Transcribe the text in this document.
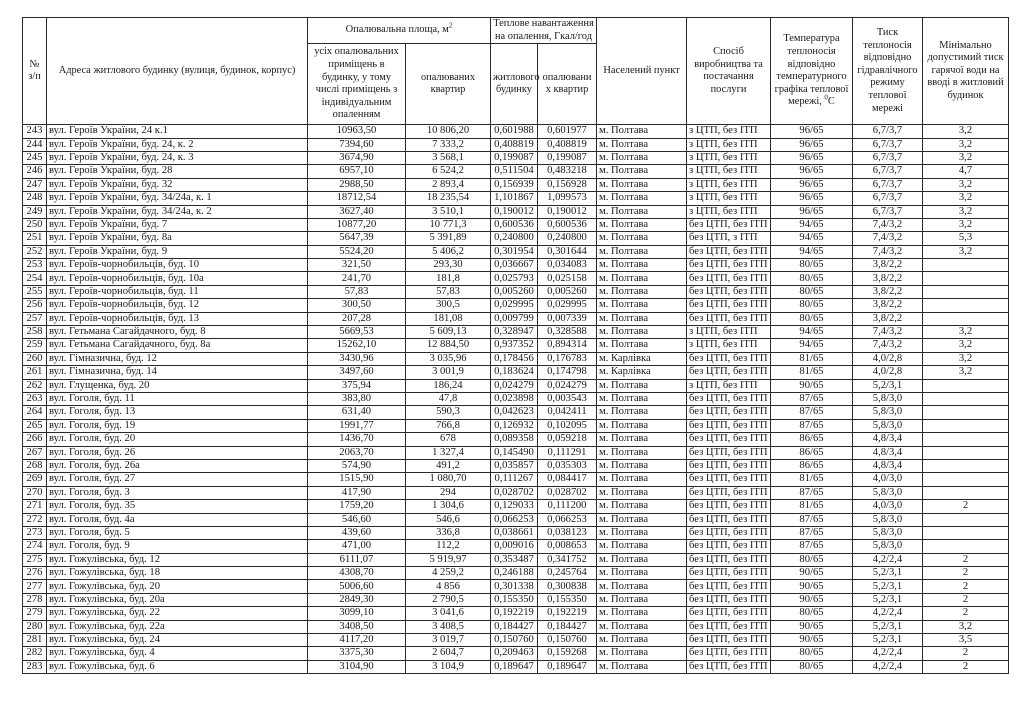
№ з/п	Адреса житлового будинку (вулиця, будинок, корпус)	Опалювальна площа, $м^2$		Теплове навантаження на опалення, Гкал/год		Населений пункт	Спосіб виробництва та постачання послуги	Температура теплоносія відповідно температурного графіка теплової мережі, $^0$С	Тиск теплоносія відповідно гідравлічного режиму теплової мережі	Мінімально допустимий тиск гарячої води на вводі в житловий будинок
		усіх опалювальних приміщень в будинку, у тому числі приміщень з індивідуальним опаленням	опалюваних квартир	житлового будинку	опалювани х квартир					
243	вул. Героїв України, 24 к.1	10963,50	10 806,20	0,601988	0,601977	м. Полтава	з ЦТП, без ІТП	96/65	6,7/3,7	3,2
244	вул. Героїв України, буд. 24, к. 2	7394,60	7 333,2	0,408819	0,408819	м. Полтава	з ЦТП, без ІТП	96/65	6,7/3,7	3,2
245	вул. Героїв України, буд. 24, к. 3	3674,90	3 568,1	0,199087	0,199087	м. Полтава	з ЦТП, без ІТП	96/65	6,7/3,7	3,2
246	вул. Героїв України, буд. 28	6957,10	6 524,2	0,511504	0,483218	м. Полтава	з ЦТП, без ІТП	96/65	6,7/3,7	4,7
247	вул. Героїв України, буд. 32	2988,50	2 893,4	0,156939	0,156928	м. Полтава	з ЦТП, без ІТП	96/65	6,7/3,7	3,2
248	вул. Героїв України, буд. 34/24а, к. 1	18712,54	18 235,54	1,101867	1,099573	м. Полтава	з ЦТП, без ІТП	96/65	6,7/3,7	3,2
249	вул. Героїв України, буд. 34/24а, к. 2	3627,40	3 510,1	0,190012	0,190012	м. Полтава	з ЦТП, без ІТП	96/65	6,7/3,7	3,2
250	вул. Героїв України, буд. 7	10877,20	10 771,3	0,600536	0,600536	м. Полтава	без ЦТП, без ІТП	94/65	7,4/3,2	3,2
251	вул. Героїв України, буд. 8а	5647,39	5 391,89	0,240800	0,240800	м. Полтава	без ЦТП, з ІТП	94/65	7,4/3,2	5,3
252	вул. Героїв України, буд. 9	5524,20	5 406,2	0,301954	0,301644	м. Полтава	без ЦТП, без ІТП	94/65	7,4/3,2	3,2
253	вул. Героїв-чорнобильців, буд. 10	321,50	293,30	0,036667	0,034083	м. Полтава	без ЦТП, без ІТП	80/65	3,8/2,2	
254	вул. Героїв-чорнобильців, буд. 10а	241,70	181,8	0,025793	0,025158	м. Полтава	без ЦТП, без ІТП	80/65	3,8/2,2	
255	вул. Героїв-чорнобильців, буд. 11	57,83	57,83	0,005260	0,005260	м. Полтава	без ЦТП, без ІТП	80/65	3,8/2,2	
256	вул. Героїв-чорнобильців, буд. 12	300,50	300,5	0,029995	0,029995	м. Полтава	без ЦТП, без ІТП	80/65	3,8/2,2	
257	вул. Героїв-чорнобильців, буд. 13	207,28	181,08	0,009799	0,007339	м. Полтава	без ЦТП, без ІТП	80/65	3,8/2,2	
258	вул. Гетьмана Сагайдачного, буд. 8	5669,53	5 609,13	0,328947	0,328588	м. Полтава	з ЦТП, без ІТП	94/65	7,4/3,2	3,2
259	вул. Гетьмана Сагайдачного, буд. 8а	15262,10	12 884,50	0,937352	0,894314	м. Полтава	з ЦТП, без ІТП	94/65	7,4/3,2	3,2
260	вул. Гімназична, буд. 12	3430,96	3 035,96	0,178456	0,176783	м. Карлівка	без ЦТП, без ІТП	81/65	4,0/2,8	3,2
261	вул. Гімназична, буд. 14	3497,60	3 001,9	0,183624	0,174798	м. Карлівка	без ЦТП, без ІТП	81/65	4,0/2,8	3,2
262	вул. Глущенка, буд. 20	375,94	186,24	0,024279	0,024279	м. Полтава	з ЦТП, без ІТП	90/65	5,2/3,1	
263	вул. Гоголя, буд. 11	383,80	47,8	0,023898	0,003543	м. Полтава	без ЦТП, без ІТП	87/65	5,8/3,0	
264	вул. Гоголя, буд. 13	631,40	590,3	0,042623	0,042411	м. Полтава	без ЦТП, без ІТП	87/65	5,8/3,0	
265	вул. Гоголя, буд. 19	1991,77	766,8	0,126932	0,102095	м. Полтава	без ЦТП, без ІТП	87/65	5,8/3,0	
266	вул. Гоголя, буд. 20	1436,70	678	0,089358	0,059218	м. Полтава	без ЦТП, без ІТП	86/65	4,8/3,4	
267	вул. Гоголя, буд. 26	2063,70	1 327,4	0,145490	0,111291	м. Полтава	без ЦТП, без ІТП	86/65	4,8/3,4	
268	вул. Гоголя, буд. 26а	574,90	491,2	0,035857	0,035303	м. Полтава	без ЦТП, без ІТП	86/65	4,8/3,4	
269	вул. Гоголя, буд. 27	1515,90	1 080,70	0,111267	0,084417	м. Полтава	без ЦТП, без ІТП	81/65	4,0/3,0	
270	вул. Гоголя, буд. 3	417,90	294	0,028702	0,028702	м. Полтава	без ЦТП, без ІТП	87/65	5,8/3,0	
271	вул. Гоголя, буд. 35	1759,20	1 304,6	0,129033	0,111200	м. Полтава	без ЦТП, без ІТП	81/65	4,0/3,0	2
272	вул. Гоголя, буд. 4а	546,60	546,6	0,066253	0,066253	м. Полтава	без ЦТП, без ІТП	87/65	5,8/3,0	
273	вул. Гоголя, буд. 5	439,60	336,8	0,038661	0,038123	м. Полтава	без ЦТП, без ІТП	87/65	5,8/3,0	
274	вул. Гоголя, буд. 9	471,00	112,2	0,009016	0,008653	м. Полтава	без ЦТП, без ІТП	87/65	5,8/3,0	
275	вул. Гожулівська, буд. 12	6111,07	5 919,97	0,353487	0,341752	м. Полтава	без ЦТП, без ІТП	80/65	4,2/2,4	2
276	вул. Гожулівська, буд. 18	4308,70	4 259,2	0,246188	0,245764	м. Полтава	без ЦТП, без ІТП	90/65	5,2/3,1	2
277	вул. Гожулівська, буд. 20	5006,60	4 856	0,301338	0,300838	м. Полтава	без ЦТП, без ІТП	90/65	5,2/3,1	2
278	вул. Гожулівська, буд. 20а	2849,30	2 790,5	0,155350	0,155350	м. Полтава	без ЦТП, без ІТП	90/65	5,2/3,1	2
279	вул. Гожулівська, буд. 22	3099,10	3 041,6	0,192219	0,192219	м. Полтава	без ЦТП, без ІТП	80/65	4,2/2,4	2
280	вул. Гожулівська, буд. 22а	3408,50	3 408,5	0,184427	0,184427	м. Полтава	без ЦТП, без ІТП	90/65	5,2/3,1	3,2
281	вул. Гожулівська, буд. 24	4117,20	3 019,7	0,150760	0,150760	м. Полтава	без ЦТП, без ІТП	90/65	5,2/3,1	3,5
282	вул. Гожулівська, буд. 4	3375,30	2 604,7	0,209463	0,159268	м. Полтава	без ЦТП, без ІТП	80/65	4,2/2,4	2
283	вул. Гожулівська, буд. 6	3104,90	3 104,9	0,189647	0,189647	м. Полтава	без ЦТП, без ІТП	80/65	4,2/2,4	2
